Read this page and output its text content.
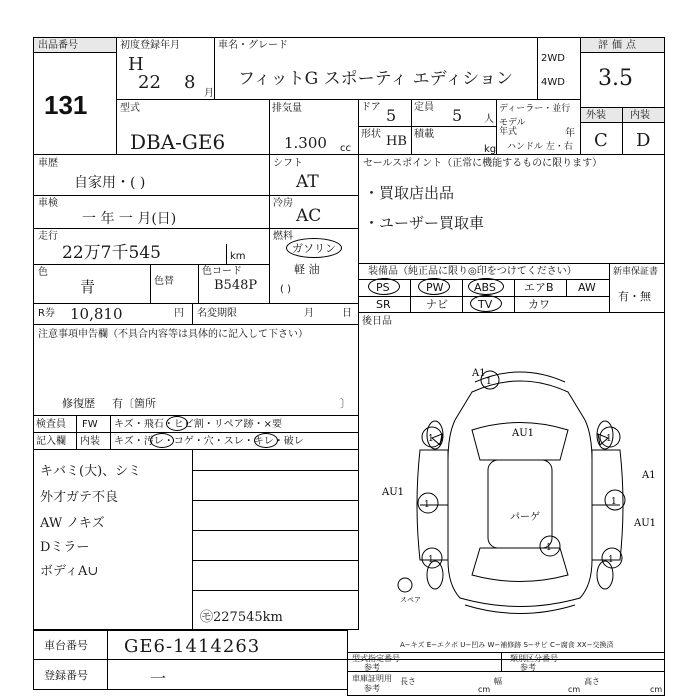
出品番号
131
初度登録年月
H
22 8
月
車名・グレード
フィットG スポーティ エディション
2WD
4WD
評価点
3.5
型式
DBA-GE6
排気量
1.300 cc
ドア 5 定員 5 人
形状 HB 積載
kg
ディーラー・並行
モデル年式	年
ハンドル 左・右
外装 内装
C D
車歴
自家用・( )
車検
一 年 一 月(日)
走行
22万7千545	km
色
青	色替
色コード
B548P
シフト
AT
冷房
AC
燃料
ガソリン
軽 油
( )
セールスポイント（正常に機能するものに限ります）
・買取店出品
・ユーザー買取車
装備品（純正品に限り◎印をつけてください）
PS	PW	ABS	エアB AW
SR	ナビ	TV	カワ
新車保証書
有・無
R券 10,810	円 名変期限	月	日
注意事項申告欄（不具合内容等は具体的に記入して下さい）
修復歴 有〔箇所	〕
後日品
検査員
記入欄
FW キズ・飛石・ヒビ割・リペア跡・×要
内装 キズ・汚レ・コゲ・穴・スレ・キレ・破レ
キバミ(大)、シミ
外才ガテ不良
AW ノキズ
Dミラー
ボディA∪
㋲227545km
A1
AU1
AU1
A1
AU1
パーゲ
スペア
1	1
1	1
1	1
1
1
A−キズ E−エクボ U−凹み W−補修跡 S−サビ C−腐食 XX−交換済
車台番号 GE6-1414263
登録番号	一
型式指定番号
参考
類別区分番号
参考
車庫証明用
参考
長さ
cm
幅
cm
高さ
cm
